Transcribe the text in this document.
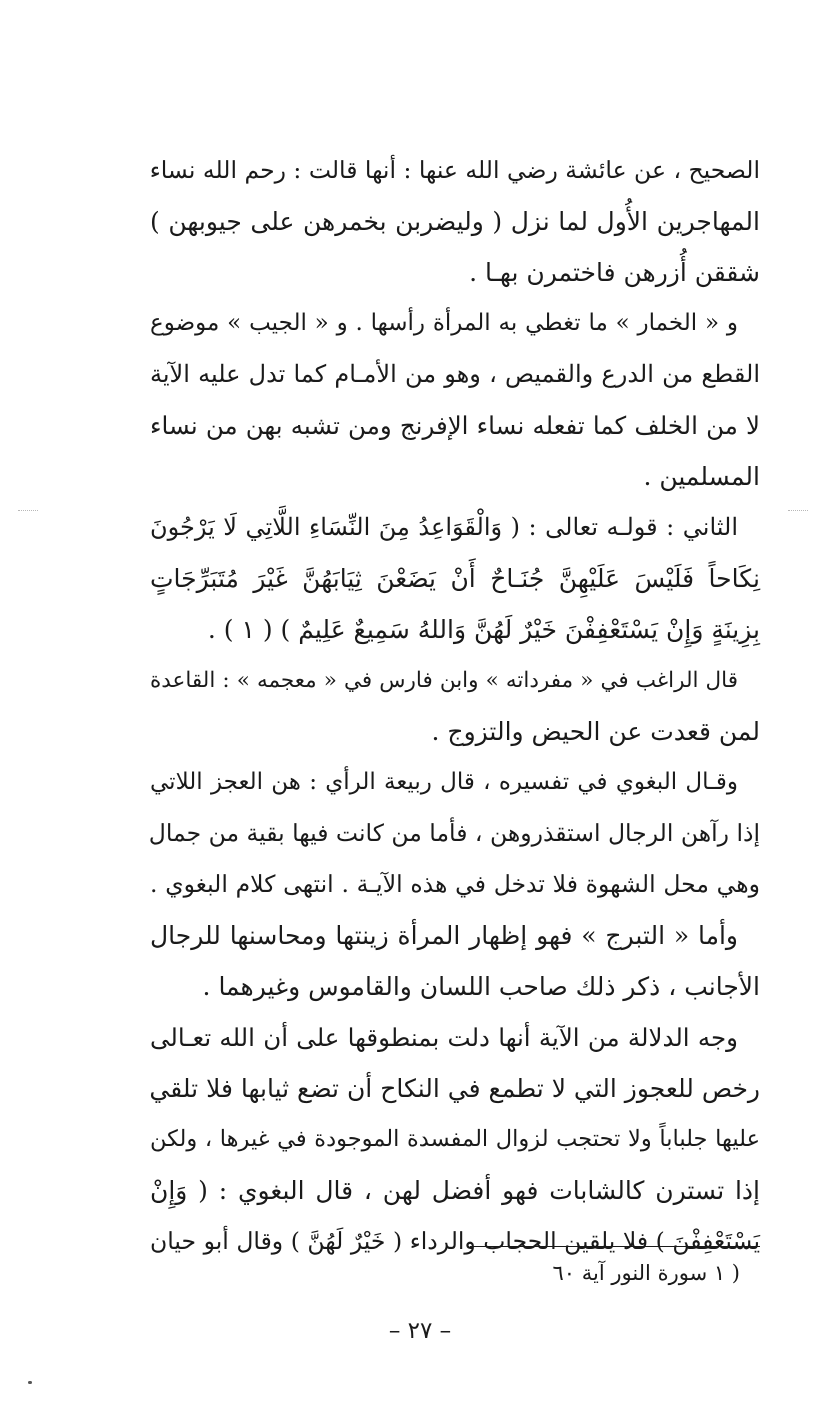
الصحيح ، عن عائشة رضي الله عنها : أنها قالت : رحم الله نساء
المهاجرين الأُول لما نزل ( وليضربن بخمرهن على جيوبهن )
شققن أُزرهن فاختمرن بهـا .
و « الخمار » ما تغطي به المرأة رأسها . و « الجيب » موضوع
القطع من الدرع والقميص ، وهو من الأمـام كما تدل عليه الآية
لا من الخلف كما تفعله نساء الإفرنج ومن تشبه بهن من نساء
المسلمين .
الثاني : قولـه تعالى : ( وَالْقَوَاعِدُ مِنَ النِّسَاءِ اللَّاتِي لَا يَرْجُونَ
نِكَاحاً فَلَيْسَ عَلَيْهِنَّ جُنَـاحٌ أَنْ يَضَعْنَ ثِيَابَهُنَّ غَيْرَ مُتَبَرِّجَاتٍ
بِزِينَةٍ وَإِنْ يَسْتَعْفِفْنَ خَيْرٌ لَهُنَّ وَاللهُ سَمِيعٌ عَلِيمٌ ) ( ١ ) .
قال الراغب في « مفرداته » وابن فارس في « معجمه » : القاعدة
لمن قعدت عن الحيض والتزوج .
وقـال البغوي في تفسيره ، قال ربيعة الرأي : هن العجز اللاتي
إذا رآهن الرجال استقذروهن ، فأما من كانت فيها بقية من جمال
وهي محل الشهوة فلا تدخل في هذه الآيـة . انتهى كلام البغوي .
وأما « التبرج » فهو إظهار المرأة زينتها ومحاسنها للرجال
الأجانب ، ذكر ذلك صاحب اللسان والقاموس وغيرهما .
وجه الدلالة من الآية أنها دلت بمنطوقها على أن الله تعـالى
رخص للعجوز التي لا تطمع في النكاح أن تضع ثيابها فلا تلقي
عليها جلباباً ولا تحتجب لزوال المفسدة الموجودة في غيرها ، ولكن
إذا تسترن كالشابات فهو أفضل لهن ، قال البغوي : ( وَإِنْ
يَسْتَعْفِفْنَ ) فلا يلقين الحجاب والرداء ( خَيْرٌ لَهُنَّ ) وقال أبو حيان
( ١ سورة النور آية ٦٠
– ٢٧ –
